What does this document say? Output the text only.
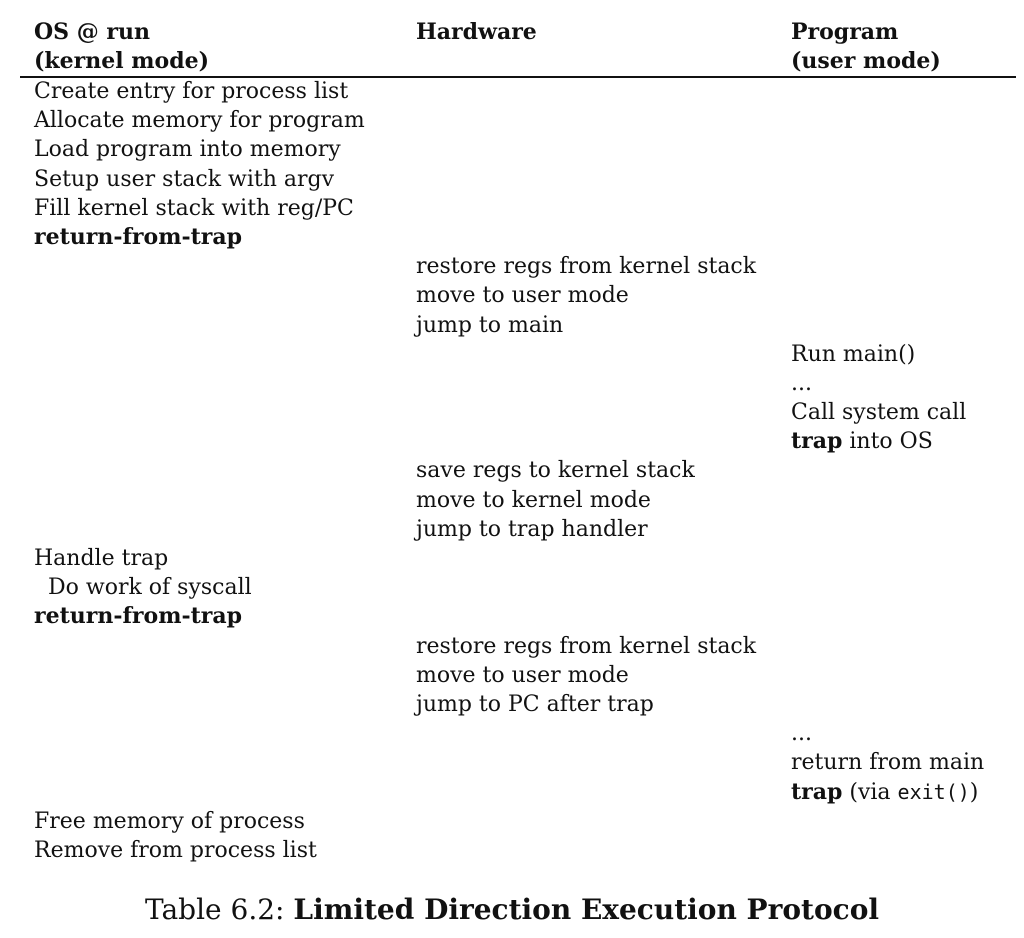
OS @ run
(kernel mode)
Hardware	Program
(user mode)
Create entry for process list
Allocate memory for program
Load program into memory
Setup user stack with argv
Fill kernel stack with reg/PC
return-from-trap
restore regs from kernel stack
move to user mode
jump to main
Run main()
...
Call system call
trap into OS
save regs to kernel stack
move to kernel mode
jump to trap handler
Handle trap
Do work of syscall
return-from-trap
restore regs from kernel stack
move to user mode
jump to PC after trap
...
return from main
trap (via exit())
Free memory of process
Remove from process list
Table 6.2: Limited Direction Execution Protocol
